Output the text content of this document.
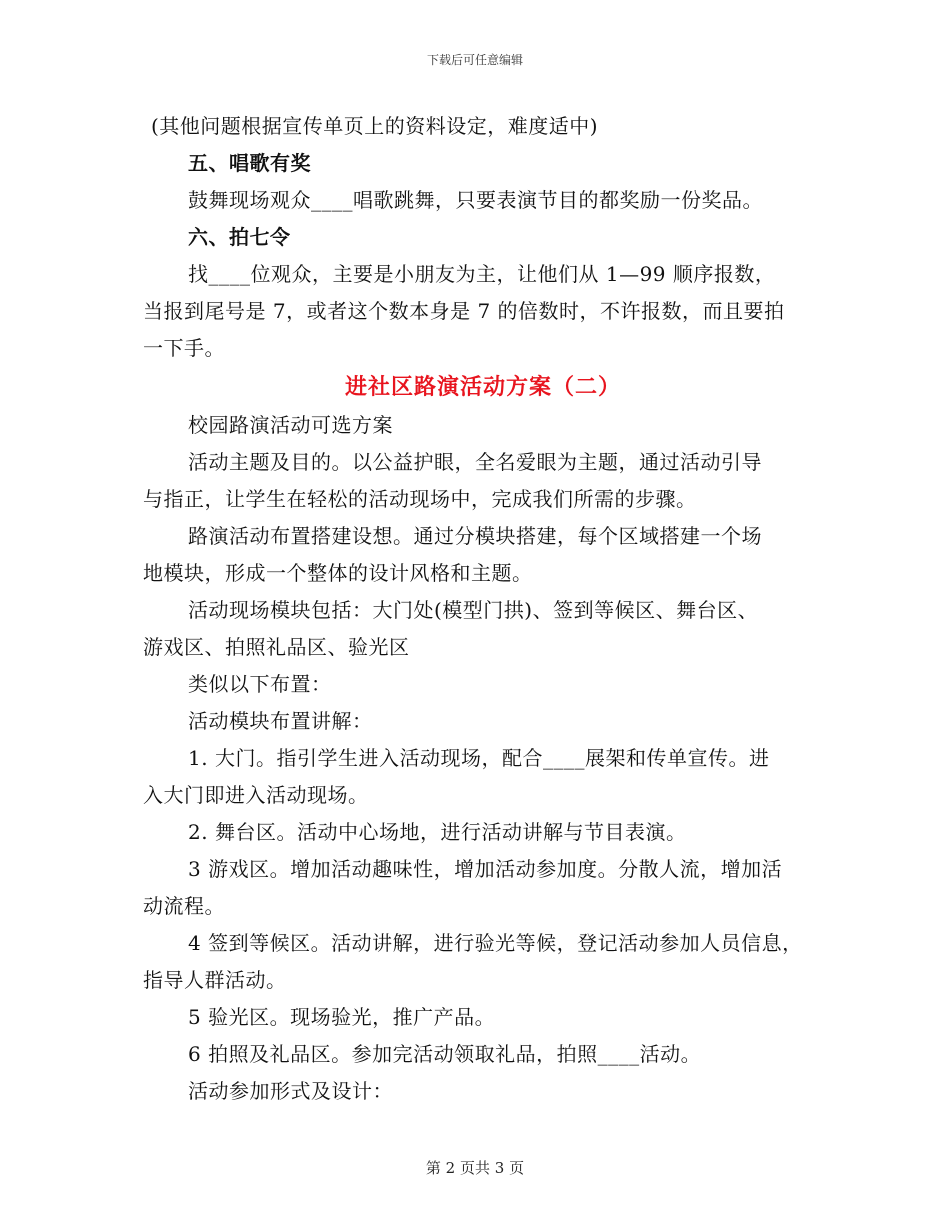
下载后可任意编辑

(其他问题根据宣传单页上的资料设定，难度适中)

五、唱歌有奖

鼓舞现场观众____唱歌跳舞，只要表演节目的都奖励一份奖品。

六、拍七令

找____位观众，主要是小朋友为主，让他们从 1—99 顺序报数，

当报到尾号是 7，或者这个数本身是 7 的倍数时，不许报数，而且要拍

一下手。

进社区路演活动方案（二）

校园路演活动可选方案

活动主题及目的。以公益护眼，全名爱眼为主题，通过活动引导

与指正，让学生在轻松的活动现场中，完成我们所需的步骤。

路演活动布置搭建设想。通过分模块搭建，每个区域搭建一个场

地模块，形成一个整体的设计风格和主题。

活动现场模块包括：大门处(模型门拱)、签到等候区、舞台区、

游戏区、拍照礼品区、验光区

类似以下布置：

活动模块布置讲解：

1. 大门。指引学生进入活动现场，配合____展架和传单宣传。进

入大门即进入活动现场。

2. 舞台区。活动中心场地，进行活动讲解与节目表演。

3 游戏区。增加活动趣味性，增加活动参加度。分散人流，增加活

动流程。

4 签到等候区。活动讲解，进行验光等候，登记活动参加人员信息，

指导人群活动。

5 验光区。现场验光，推广产品。

6 拍照及礼品区。参加完活动领取礼品，拍照____活动。

活动参加形式及设计：

第 2 页共 3 页
